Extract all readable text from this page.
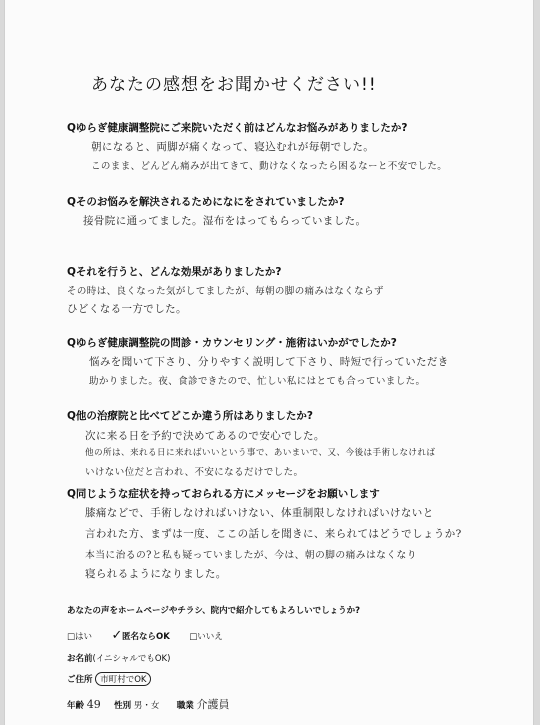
あなたの感想をお聞かせください!!
Qゆらぎ健康調整院にご来院いただく前はどんなお悩みがありましたか?
朝になると、両脚が痛くなって、寝込むれが毎朝でした。
このまま、どんどん痛みが出てきて、動けなくなったら困るなーと不安でした。
Qそのお悩みを解決されるためになにをされていましたか?
接骨院に通ってました。湿布をはってもらっていました。
Qそれを行うと、どんな効果がありましたか?
その時は、良くなった気がしてましたが、毎朝の脚の痛みはなくならず
ひどくなる一方でした。
Qゆらぎ健康調整院の問診・カウンセリング・施術はいかがでしたか?
悩みを聞いて下さり、分りやすく説明して下さり、時短で行っていただき
助かりました。夜、食診できたので、忙しい私にはとても合っていました。
Q他の治療院と比べてどこか違う所はありましたか?
次に来る日を予約で決めてあるので安心でした。
他の所は、来れる日に来ればいいという事で、あいまいで、又、今後は手術しなければ
いけない位だと言われ、不安になるだけでした。
Q同じような症状を持っておられる方にメッセージをお願いします
膝痛などで、手術しなければいけない、体重制限しなければいけないと
言われた方、まずは一度、ここの話しを聞きに、来られてはどうでしょうか?
本当に治るの?と私も疑っていましたが、今は、朝の脚の痛みはなくなり
寝られるようになりました。
あなたの声をホームページやチラシ、院内で紹介してもよろしいでしょうか?
□はい ✓ 匿名ならOK □いいえ
お名前(イニシャルでもOK)
ご住所 市町村でOK
年齢 49 性別 男・女 職業 介護員
